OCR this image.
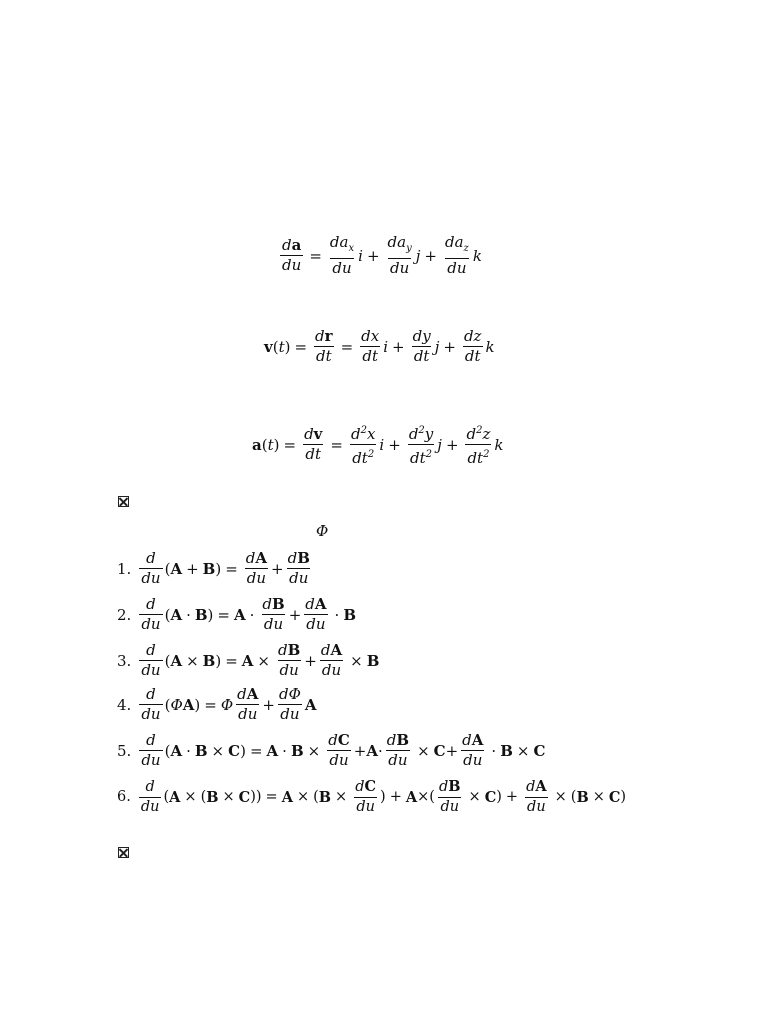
$\frac{da}{du} = \frac{da_x}{du}$ $i + \frac{da_y}{du}$ $j + \frac{da_z}{du}$ k
v ( t ) = $\frac{dr}{dt} = \frac{dx}{dt}$ $i + \frac{dy}{dt}$ $j + \frac{dz}{dt}$ k
a ( t ) = $\frac{dv}{dt} = \frac{d^2x}{dt^2}$ $i + \frac{d^2y}{dt^2}$ $j + \frac{d^2z}{dt^2}$ k
Φ
1. $\frac{d}{du}$ ( A + B ) = $\frac{dA}{du} + \frac{dB}{du}$
2. $\frac{d}{du}$ ( A · B ) = $A \cdot \frac{dB}{du} + \frac{dA}{du} \cdot B$
3. $\frac{d}{du}$ ( A × B ) = $A \times \frac{dB}{du} + \frac{dA}{du} \times B$
4. $\frac{d}{du}$ ( Φ A ) = Φ $\frac{dA}{du} + \frac{d\Phi}{du}$ A
5. $\frac{d}{du}$ ( A · B × C ) = $A \cdot B \times \frac{dC}{du} + A \cdot \frac{dB}{du} \times C + \frac{dA}{du} \cdot B \times C$
6. $\frac{d}{du}$ ( A × ( B × C )) = A × ( $B \times \frac{dC}{du}$ ) + A × ( $\frac{dB}{du} \times C$ ) + $\frac{dA}{du}$ × ( B × C )
